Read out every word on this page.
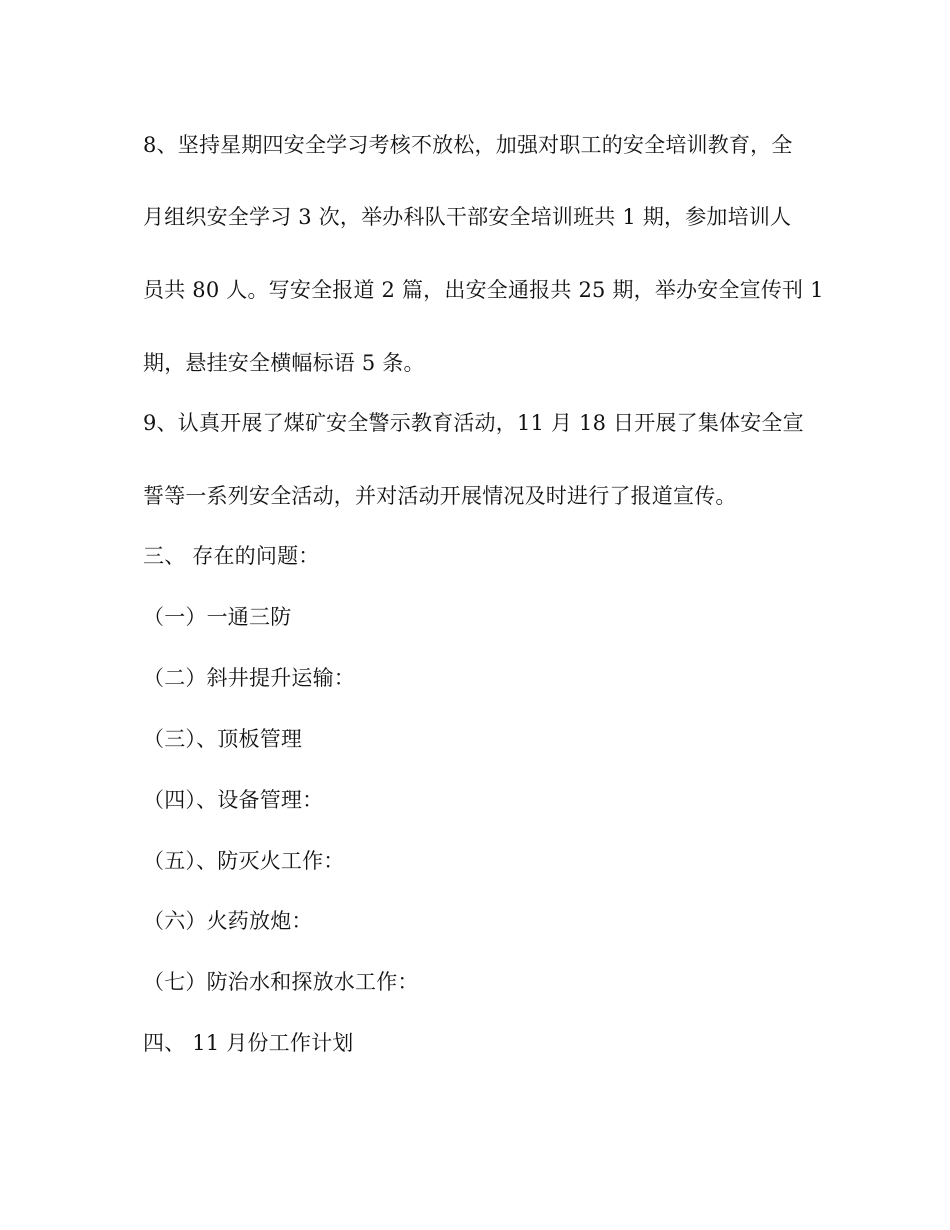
8、坚持星期四安全学习考核不放松，加强对职工的安全培训教育，全
月组织安全学习 3 次，举办科队干部安全培训班共 1 期，参加培训人
员共 80 人。写安全报道 2 篇，出安全通报共 25 期，举办安全宣传刊 1
期，悬挂安全横幅标语 5 条。
9、认真开展了煤矿安全警示教育活动，11 月 18 日开展了集体安全宣
誓等一系列安全活动，并对活动开展情况及时进行了报道宣传。
三、 存在的问题：
（一）一通三防
（二）斜井提升运输：
（三）、顶板管理
（四）、设备管理：
（五）、防灭火工作：
（六）火药放炮：
（七）防治水和探放水工作：
四、 11 月份工作计划
